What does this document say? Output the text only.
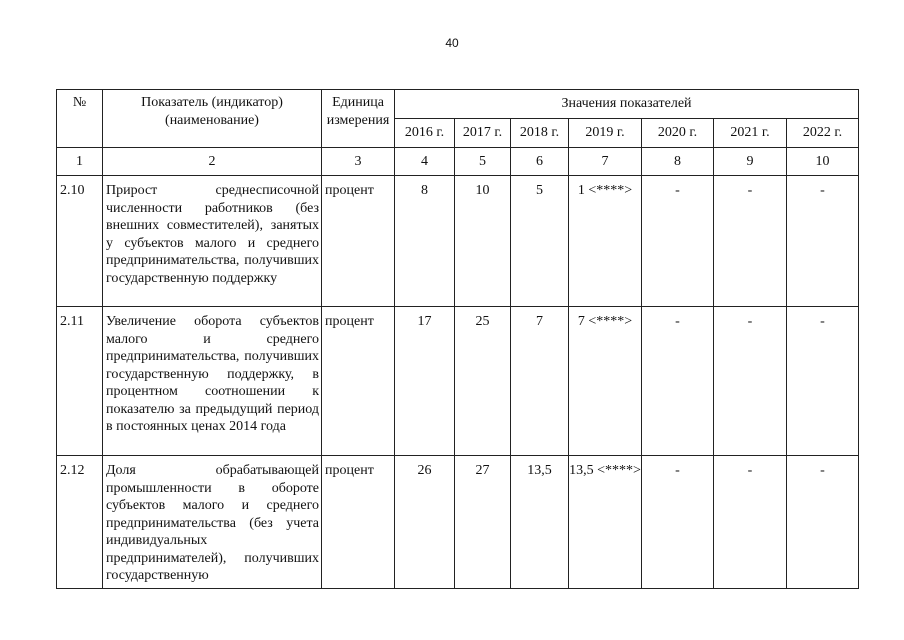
40
№	Показатель (индикатор) (наименование)	Единица измерения	Значения показателей						
			2016 г.	2017 г.	2018 г.	2019 г.	2020 г.	2021 г.	2022 г.
1	2	3	4	5	6	7	8	9	10
2.10	Прирост среднесписочной численности работников (без внешних совместителей), занятых у субъектов малого и среднего предпринимательства, получивших государственную поддержку	процент	8	10	5	1 <****>	-	-	-
2.11	Увеличение оборота субъектов малого и среднего предпринимательства, получивших государственную поддержку, в процентном соотношении к показателю за предыдущий период в постоянных ценах 2014 года	процент	17	25	7	7 <****>	-	-	-
2.12	Доля обрабатывающей промышленности в обороте субъектов малого и среднего предпринимательства (без учета индивидуальных предпринимателей), получивших государственную	процент	26	27	13,5	13,5 <****>	-	-	-
